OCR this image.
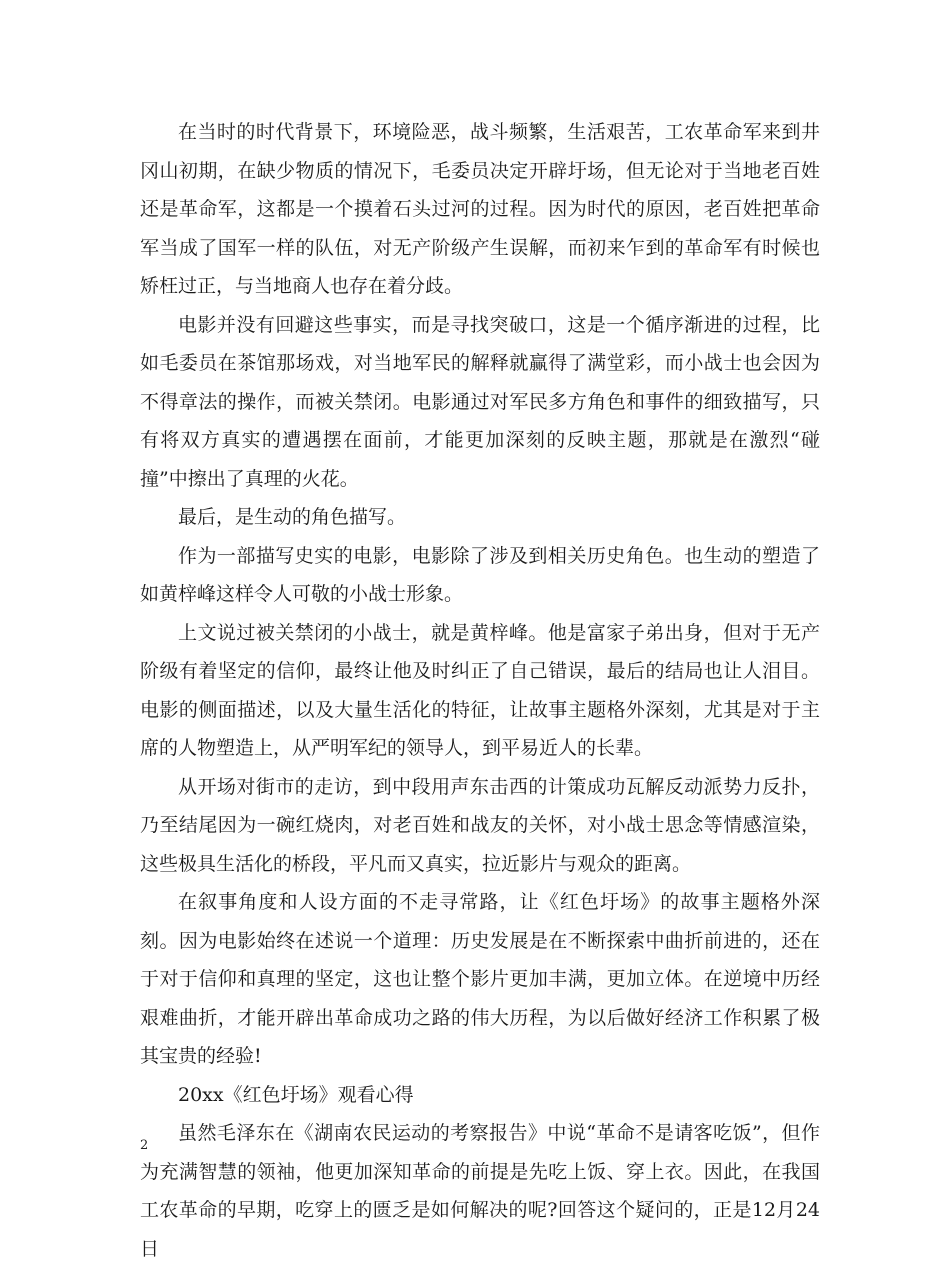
在当时的时代背景下，环境险恶，战斗频繁，生活艰苦，工农革命军来到井冈山初期，在缺少物质的情况下，毛委员决定开辟圩场，但无论对于当地老百姓还是革命军，这都是一个摸着石头过河的过程。因为时代的原因，老百姓把革命军当成了国军一样的队伍，对无产阶级产生误解，而初来乍到的革命军有时候也矫枉过正，与当地商人也存在着分歧。

电影并没有回避这些事实，而是寻找突破口，这是一个循序渐进的过程，比如毛委员在茶馆那场戏，对当地军民的解释就赢得了满堂彩，而小战士也会因为不得章法的操作，而被关禁闭。电影通过对军民多方角色和事件的细致描写，只有将双方真实的遭遇摆在面前，才能更加深刻的反映主题，那就是在激烈“碰撞”中擦出了真理的火花。

最后，是生动的角色描写。

作为一部描写史实的电影，电影除了涉及到相关历史角色。也生动的塑造了如黄梓峰这样令人可敬的小战士形象。

上文说过被关禁闭的小战士，就是黄梓峰。他是富家子弟出身，但对于无产阶级有着坚定的信仰，最终让他及时纠正了自己错误，最后的结局也让人泪目。电影的侧面描述，以及大量生活化的特征，让故事主题格外深刻，尤其是对于主席的人物塑造上，从严明军纪的领导人，到平易近人的长辈。

从开场对街市的走访，到中段用声东击西的计策成功瓦解反动派势力反扑，乃至结尾因为一碗红烧肉，对老百姓和战友的关怀，对小战士思念等情感渲染，这些极具生活化的桥段，平凡而又真实，拉近影片与观众的距离。

在叙事角度和人设方面的不走寻常路，让《红色圩场》的故事主题格外深刻。因为电影始终在述说一个道理：历史发展是在不断探索中曲折前进的，还在于对于信仰和真理的坚定，这也让整个影片更加丰满，更加立体。在逆境中历经艰难曲折，才能开辟出革命成功之路的伟大历程，为以后做好经济工作积累了极其宝贵的经验!

20xx《红色圩场》观看心得

虽然毛泽东在《湖南农民运动的考察报告》中说“革命不是请客吃饭”，但作为充满智慧的领袖，他更加深知革命的前提是先吃上饭、穿上衣。因此，在我国工农革命的早期，吃穿上的匮乏是如何解决的呢?回答这个疑问的，正是12月24日

2
